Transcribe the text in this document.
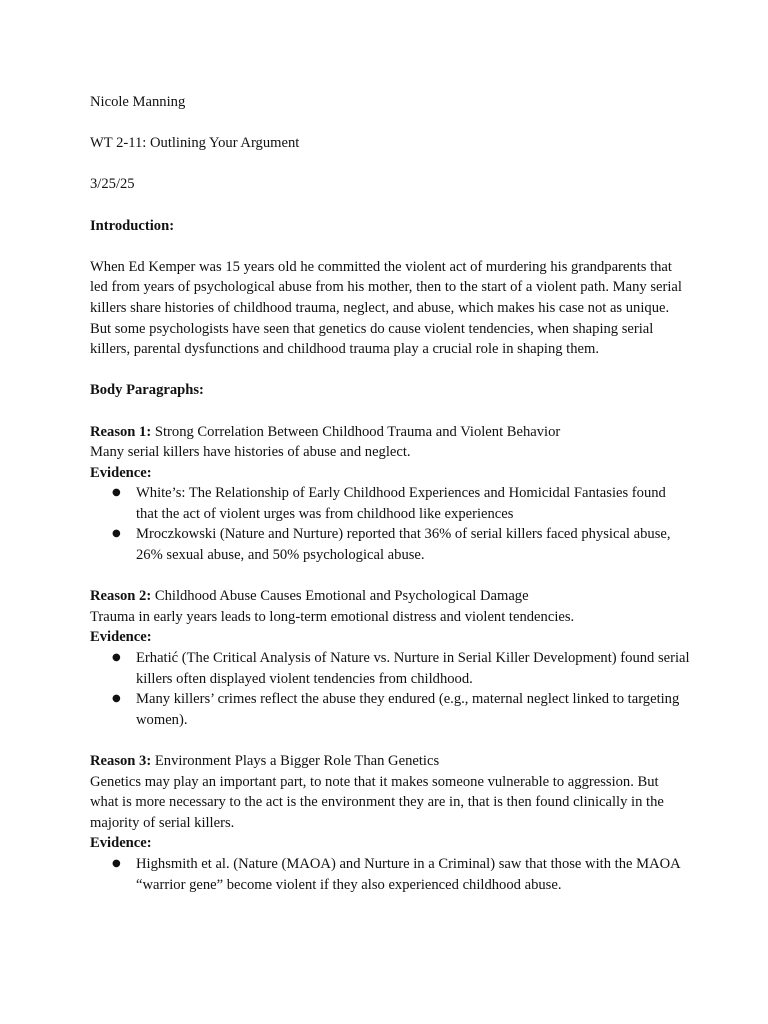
Nicole Manning

WT 2-11: Outlining Your Argument

3/25/25

Introduction:

When Ed Kemper was 15 years old he committed the violent act of murdering his grandparents that led from years of psychological abuse from his mother, then to the start of a violent path. Many serial killers share histories of childhood trauma, neglect, and abuse, which makes his case not as unique. But some psychologists have seen that genetics do cause violent tendencies, when shaping serial killers, parental dysfunctions and childhood trauma play a crucial role in shaping them.

Body Paragraphs:

Reason 1: Strong Correlation Between Childhood Trauma and Violent Behavior

Many serial killers have histories of abuse and neglect.

Evidence:

● White’s: The Relationship of Early Childhood Experiences and Homicidal Fantasies found that the act of violent urges was from childhood like experiences
● Mroczkowski (Nature and Nurture) reported that 36% of serial killers faced physical abuse, 26% sexual abuse, and 50% psychological abuse.

Reason 2: Childhood Abuse Causes Emotional and Psychological Damage

Trauma in early years leads to long-term emotional distress and violent tendencies.

Evidence:

● Erhatić (The Critical Analysis of Nature vs. Nurture in Serial Killer Development) found serial killers often displayed violent tendencies from childhood.
● Many killers’ crimes reflect the abuse they endured (e.g., maternal neglect linked to targeting women).

Reason 3: Environment Plays a Bigger Role Than Genetics

Genetics may play an important part, to note that it makes someone vulnerable to aggression. But what is more necessary to the act is the environment they are in, that is then found clinically in the majority of serial killers.

Evidence:

● Highsmith et al. (Nature (MAOA) and Nurture in a Criminal) saw that those with the MAOA “warrior gene” become violent if they also experienced childhood abuse.
